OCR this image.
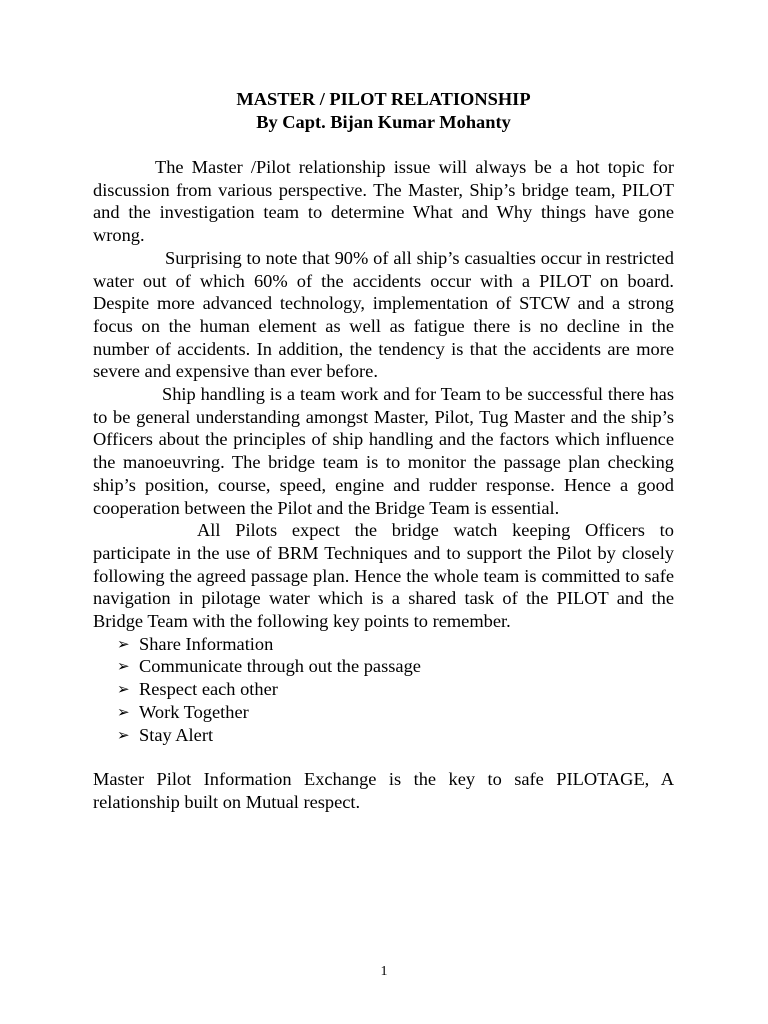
MASTER / PILOT RELATIONSHIP

By Capt. Bijan Kumar Mohanty

The Master /Pilot relationship issue will always be a hot topic for discussion from various perspective. The Master, Ship’s bridge team, PILOT and the investigation team to determine What and Why things have gone wrong.

Surprising to note that 90% of all ship’s casualties occur in restricted water out of which 60% of the accidents occur with a PILOT on board. Despite more advanced technology, implementation of STCW and a strong focus on the human element as well as fatigue there is no decline in the number of accidents. In addition, the tendency is that the accidents are more severe and expensive than ever before.

Ship handling is a team work and for Team to be successful there has to be general understanding amongst Master, Pilot, Tug Master and the ship’s Officers about the principles of ship handling and the factors which influence the manoeuvring. The bridge team is to monitor the passage plan checking ship’s position, course, speed, engine and rudder response. Hence a good cooperation between the Pilot and the Bridge Team is essential.

All Pilots expect the bridge watch keeping Officers to participate in the use of BRM Techniques and to support the Pilot by closely following the agreed passage plan. Hence the whole team is committed to safe navigation in pilotage water which is a shared task of the PILOT and the Bridge Team with the following key points to remember.

➢ Share Information
➢ Communicate through out the passage
➢ Respect each other
➢ Work Together
➢ Stay Alert

Master Pilot Information Exchange is the key to safe PILOTAGE, A relationship built on Mutual respect.

1
